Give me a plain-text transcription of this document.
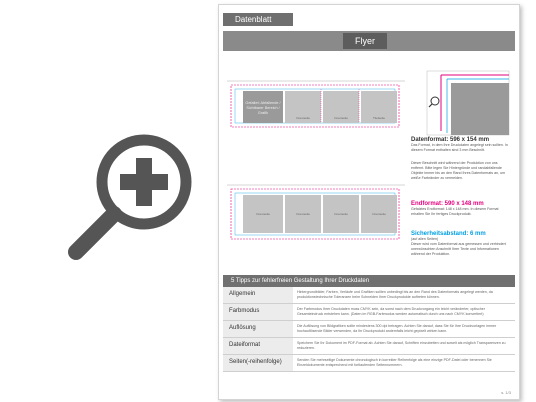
Datenblatt
Flyer
Gefaltet: Abfallende / Sichtbarer Bereich / Grafik
Innenseite	Innenseite	Titelseite
Innenseite	Innenseite	Innenseite	Innenseite
Datenformat: 596 x 154 mm
Das Format, in dem Ihre Druckdaten angelegt sein sollten. In diesem Format enthalten sind 3 mm Beschnitt.
Dieser Beschnitt wird während der Produktion von uns entfernt. Bitte legen Sie Hintergründe und randabfallende Objekte immer bis an den Rand Ihres Datenformats an, um weiße Farbränder zu vermeiden.
Endformat: 590 x 148 mm
Gefalztes Endformat: 148 x 148 mm. In diesem Format erhalten Sie Ihr fertiges Druckprodukt.
Sicherheitsabstand: 6 mm
(auf allen Seiten)
Dieser wird vom Datenformat aus gemessen und verhindert unerwünschten Anschnitt Ihrer Texte und Informationen während der Produktion.
5 Tipps zur fehlerfreien Gestaltung Ihrer Druckdaten
Allgemein	Hintergrundbilder, Farben, Verläufe und Grafiken sollten unbedingt bis an den Rand des Datenformats angelegt werden, da produktionstechnische Toleranzen beim Schneiden Ihrer Druckprodukte auftreten können.
Farbmodus	Der Farbmodus Ihrer Druckdaten muss CMYK sein, da sonst nach dem Druckvorgang ein leicht veränderter, optischer Gesamteindruck entstehen kann. (Daten im RGB-Farbmodus werden automatisch durch uns nach CMYK konvertiert)
Auflösung	Die Auflösung von Bildgrafiken sollte mindestens 300 dpi betragen. Achten Sie darauf, dass Sie für Ihre Druckvorlagen immer hochauflösende Bilder verwenden, da Ihr Druckprodukt andernfalls leicht gepixelt wirken kann.
Dateiformat	Speichern Sie Ihr Dokument im PDF-Format ab. Achten Sie darauf, Schriften einzubetten und soweit als möglich Transparenzen zu reduzieren.
Seiten(-reihenfolge)	Senden Sie mehrseitige Dokumente chronologisch in korrekter Reihenfolge als eine einzige PDF-Datei oder benennen Sie Einzeldokumente entsprechend mit fortlaufenden Seitennummern.
s. 1/3
